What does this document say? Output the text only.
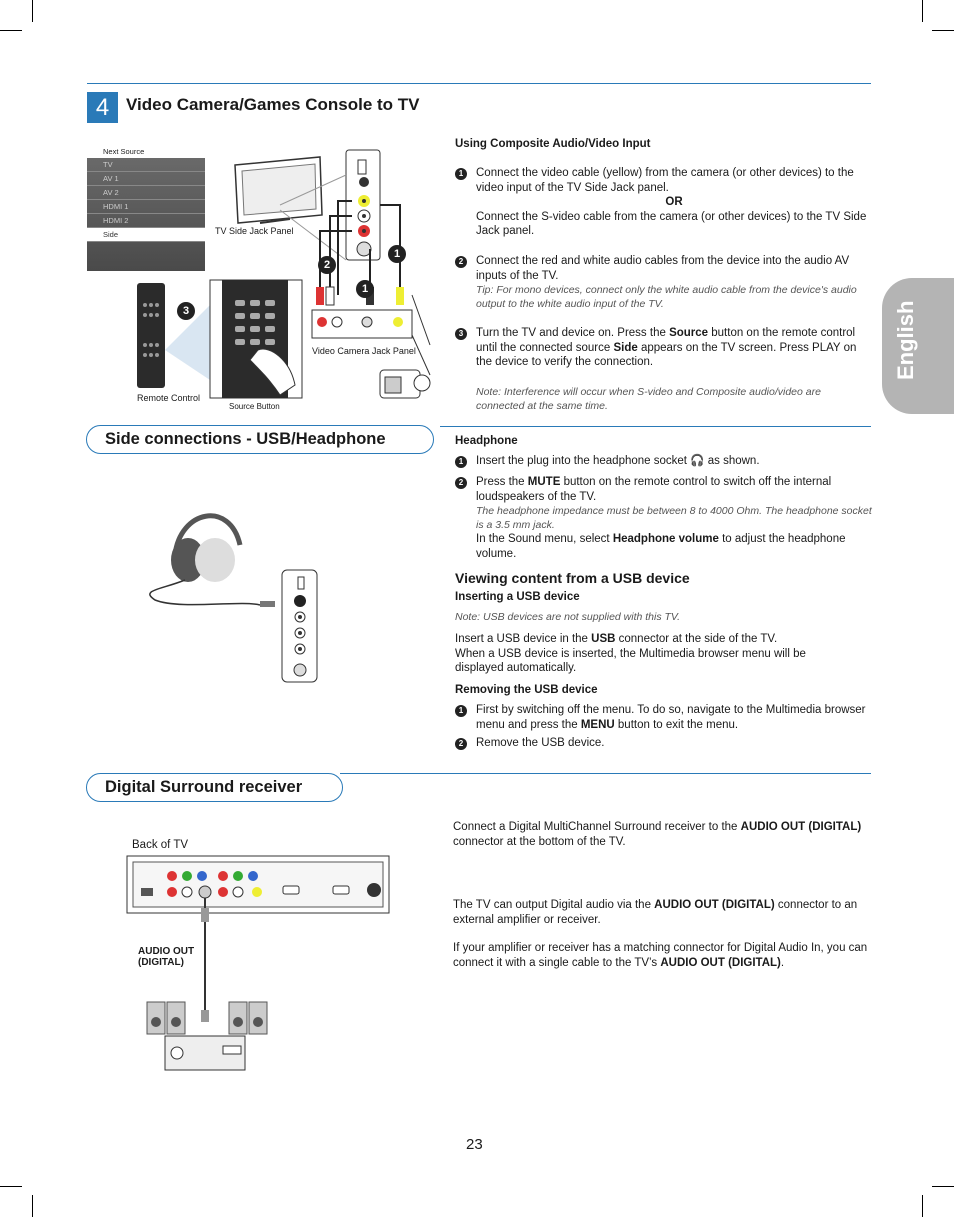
English
4 Video Camera/Games Console to TV
Next Source
TV
AV 1
AV 2
HDMI 1
HDMI 2
Side
2
1
1
3
TV Side Jack Panel
Video Camera Jack Panel
Remote Control
Source Button
Using Composite Audio/Video Input
1	Connect the video cable (yellow) from the camera (or other devices) to the video input of the TV Side Jack panel.
OR
Connect the S-video cable from the camera (or other devices) to the TV Side Jack panel.
2	Connect the red and white audio cables from the device into the audio AV inputs of the TV.
Tip: For mono devices, connect only the white audio cable from the device's audio output to the white audio input of the TV.
3	Turn the TV and device on. Press the Source button on the remote control until the connected source Side appears on the TV screen. Press PLAY on the device to verify the connection.
Note: Interference will occur when S-video and Composite audio/video are connected at the same time.
Side connections - USB/Headphone	Headphone
1	Insert the plug into the headphone socket 🎧 as shown.
2	Press the MUTE button on the remote control to switch off the internal loudspeakers of the TV.
The headphone impedance must be between 8 to 4000 Ohm. The headphone socket is a 3.5 mm jack.
In the Sound menu, select Headphone volume to adjust the headphone volume.
Viewing content from a USB device
Inserting a USB device
Note: USB devices are not supplied with this TV.
Insert a USB device in the USB connector at the side of the TV.
When a USB device is inserted, the Multimedia browser menu will be displayed automatically.
Removing the USB device
1	First by switching off the menu. To do so, navigate to the Multimedia browser menu and press the MENU button to exit the menu.
2	Remove the USB device.
Digital Surround receiver
Back of TV
AUDIO OUT
(DIGITAL)
Connect a Digital MultiChannel Surround receiver to the AUDIO OUT (DIGITAL) connector at the bottom of the TV.
The TV can output Digital audio via the AUDIO OUT (DIGITAL) connector to an external amplifier or receiver.
If your amplifier or receiver has a matching connector for Digital Audio In, you can connect it with a single cable to the TV’s AUDIO OUT (DIGITAL).
23
